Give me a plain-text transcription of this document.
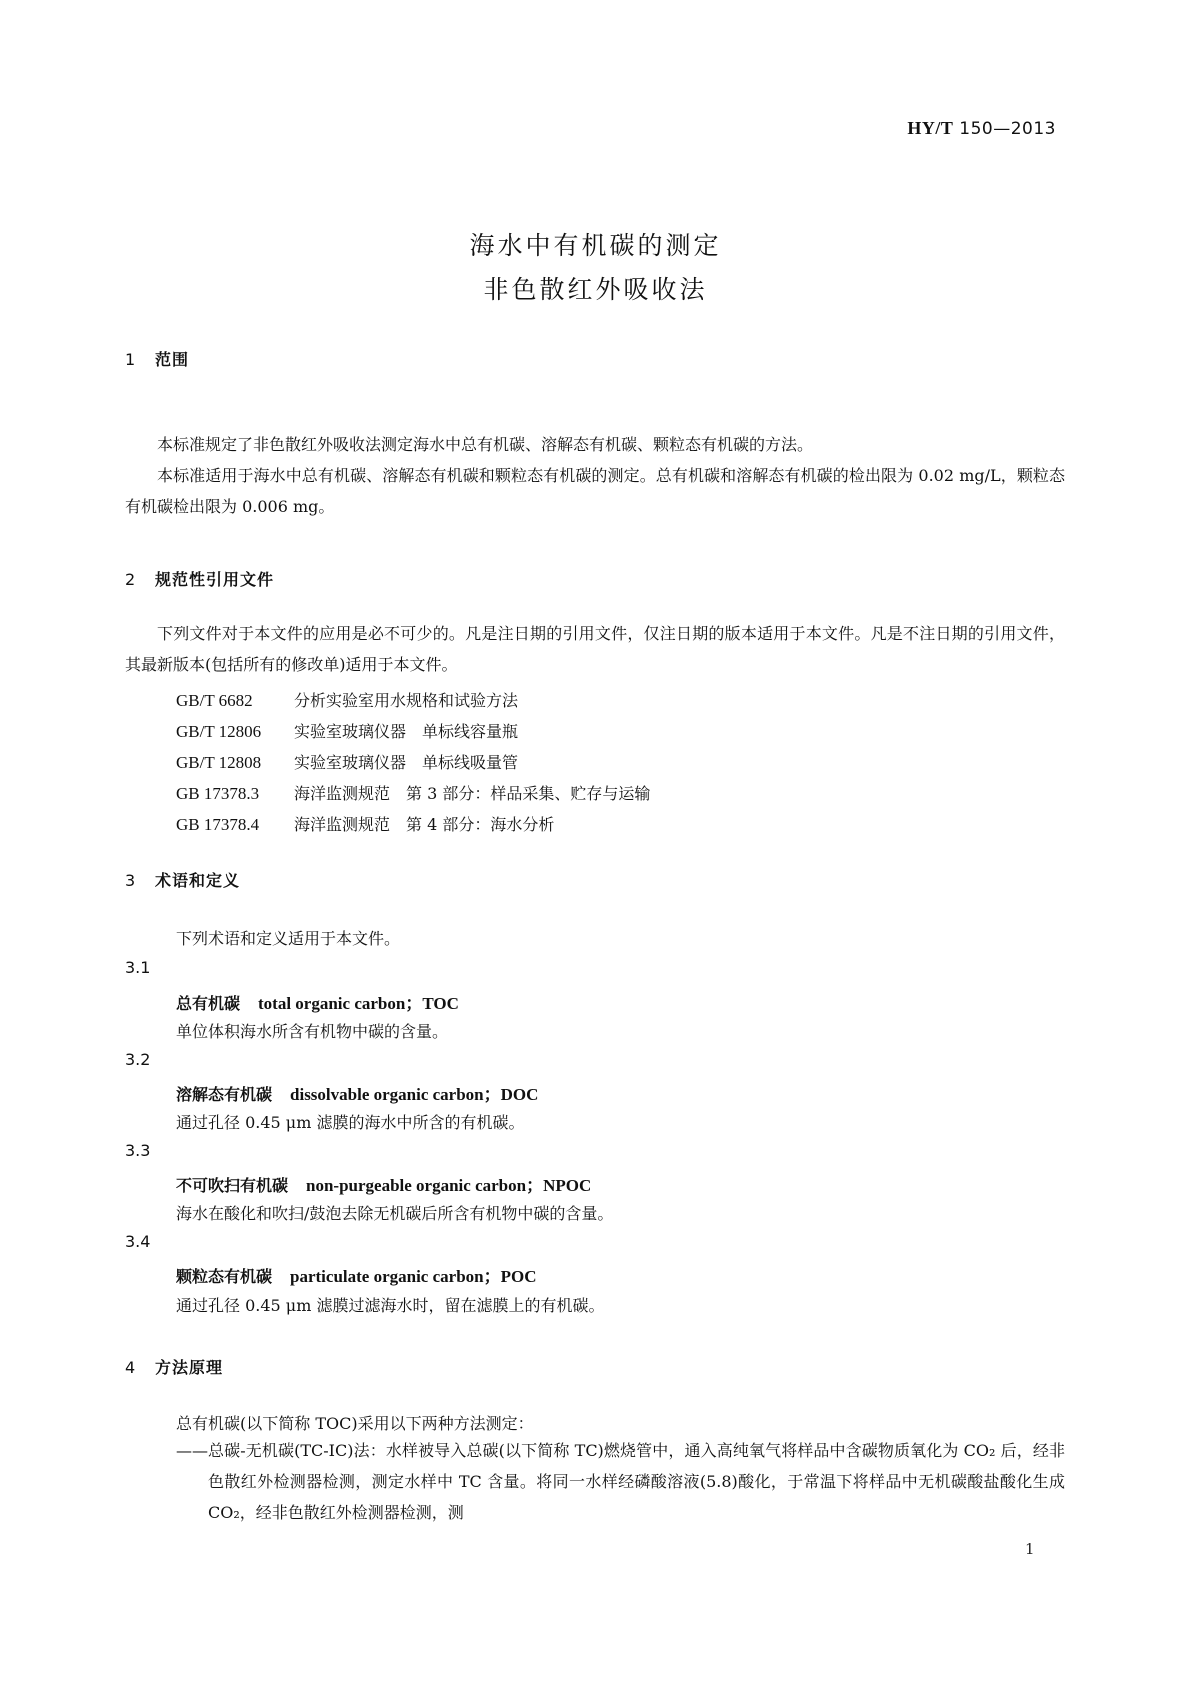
HY/T 150—2013
海水中有机碳的测定
非色散红外吸收法
1 范围
本标准规定了非色散红外吸收法测定海水中总有机碳、溶解态有机碳、颗粒态有机碳的方法。
本标准适用于海水中总有机碳、溶解态有机碳和颗粒态有机碳的测定。总有机碳和溶解态有机碳的检出限为 0.02 mg/L，颗粒态有机碳检出限为 0.006 mg。
2 规范性引用文件
下列文件对于本文件的应用是必不可少的。凡是注日期的引用文件，仅注日期的版本适用于本文件。凡是不注日期的引用文件，其最新版本(包括所有的修改单)适用于本文件。
GB/T 6682	分析实验室用水规格和试验方法
GB/T 12806 实验室玻璃仪器　单标线容量瓶
GB/T 12808 实验室玻璃仪器　单标线吸量管
GB 17378.3 海洋监测规范　第 3 部分：样品采集、贮存与运输
GB 17378.4 海洋监测规范　第 4 部分：海水分析
3 术语和定义
下列术语和定义适用于本文件。
3.1
总有机碳 total organic carbon；TOC
单位体积海水所含有机物中碳的含量。
3.2
溶解态有机碳 dissolvable organic carbon；DOC
通过孔径 0.45 μm 滤膜的海水中所含的有机碳。
3.3
不可吹扫有机碳 non-purgeable organic carbon；NPOC
海水在酸化和吹扫/鼓泡去除无机碳后所含有机物中碳的含量。
3.4
颗粒态有机碳 particulate organic carbon；POC
通过孔径 0.45 μm 滤膜过滤海水时，留在滤膜上的有机碳。
4 方法原理
总有机碳(以下简称 TOC)采用以下两种方法测定：
—— 总碳-无机碳(TC-IC)法：水样被导入总碳(以下简称 TC)燃烧管中，通入高纯氧气将样品中含碳物质氧化为 CO₂ 后，经非色散红外检测器检测，测定水样中 TC 含量。将同一水样经磷酸溶液(5.8)酸化，于常温下将样品中无机碳酸盐酸化生成 CO₂，经非色散红外检测器检测，测
1
